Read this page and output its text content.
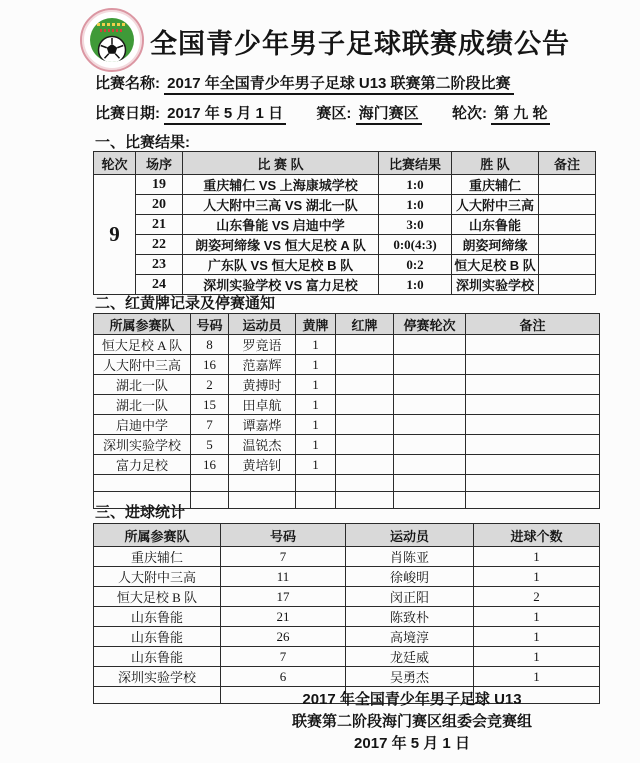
全国青少年男子足球联赛成绩公告
比赛名称: 2017 年全国青少年男子足球 U13 联赛第二阶段比赛
比赛日期: 2017 年 5 月 1 日 赛区: 海门赛区 轮次: 第 九 轮
一、比赛结果:
轮次	场序	比 赛 队	比赛结果	胜 队	备注
9	19	重庆辅仁 VS 上海康城学校	1:0	重庆辅仁	
	20	人大附中三高 VS 湖北一队	1:0	人大附中三高	
	21	山东鲁能 VS 启迪中学	3:0	山东鲁能	
	22	朗姿珂缔缘 VS 恒大足校 A 队	0:0(4:3)	朗姿珂缔缘	
	23	广东队 VS 恒大足校 B 队	0:2	恒大足校 B 队	
	24	深圳实验学校 VS 富力足校	1:0	深圳实验学校	
二、红黄牌记录及停赛通知
所属参赛队	号码	运动员	黄牌	红牌	停赛轮次	备注
恒大足校 A 队	8	罗竟语	1			
人大附中三高	16	范嘉辉	1			
湖北一队	2	黄搏时	1			
湖北一队	15	田卓航	1			
启迪中学	7	谭嘉烨	1			
深圳实验学校	5	温锐杰	1			
富力足校	16	黄培钊	1			

三、进球统计
所属参赛队	号码	运动员	进球个数
重庆辅仁	7	肖陈亚	1
人大附中三高	11	徐峻明	1
恒大足校 B 队	17	闵正阳	2
山东鲁能	21	陈致朴	1
山东鲁能	26	高境淳	1
山东鲁能	7	龙廷威	1
深圳实验学校	6	吴勇杰	1

2017 年全国青少年男子足球 U13
联赛第二阶段海门赛区组委会竞赛组
2017 年 5 月 1 日
